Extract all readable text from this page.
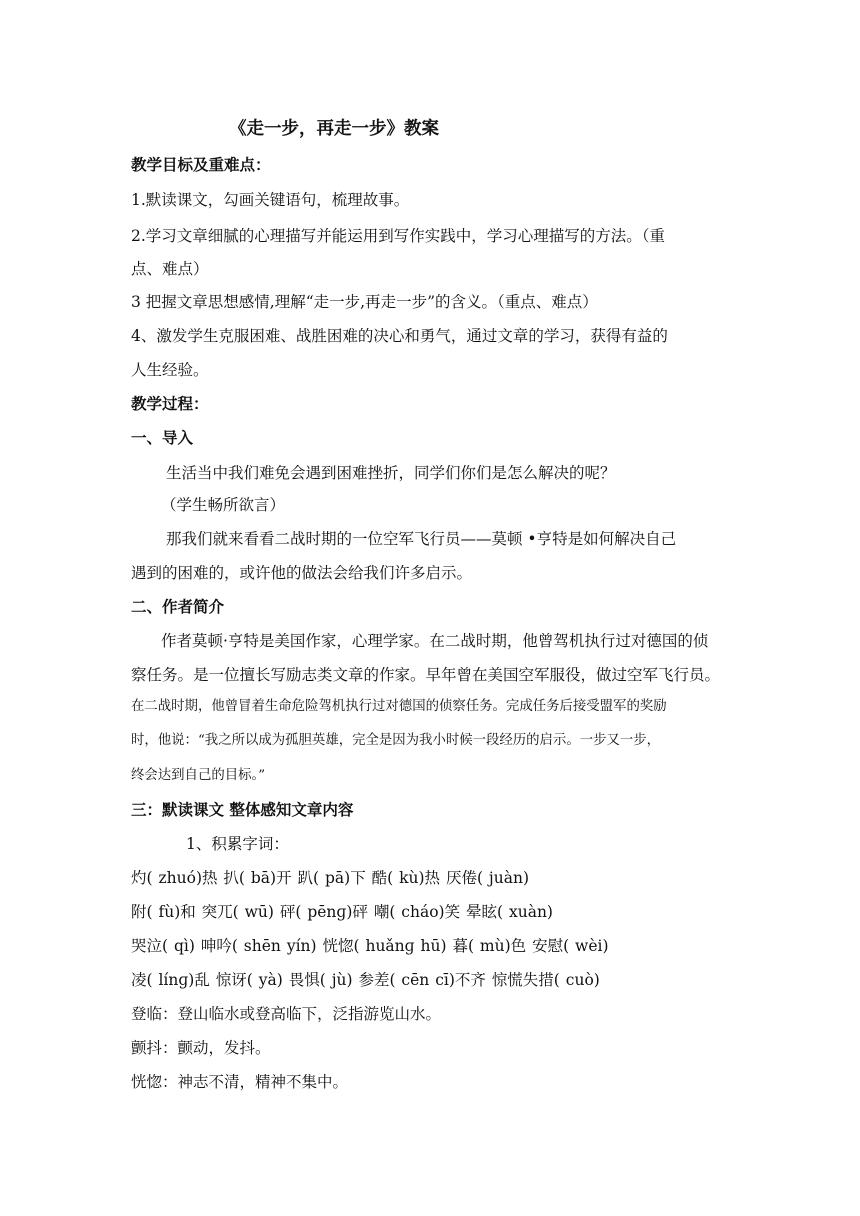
《走一步，再走一步》教案
教学目标及重难点：
1.默读课文，勾画关键语句，梳理故事。
2.学习文章细腻的心理描写并能运用到写作实践中，学习心理描写的方法。（重
点、难点）
3 把握文章思想感情,理解“走一步,再走一步”的含义。（重点、难点）
4、激发学生克服困难、战胜困难的决心和勇气，通过文章的学习，获得有益的
人生经验。
教学过程：
一、导入
生活当中我们难免会遇到困难挫折，同学们你们是怎么解决的呢？
（学生畅所欲言）
那我们就来看看二战时期的一位空军飞行员——莫顿 •亨特是如何解决自己
遇到的困难的，或许他的做法会给我们许多启示。
二、作者简介
作者莫顿·亨特是美国作家，心理学家。在二战时期，他曾驾机执行过对德国的侦
察任务。是一位擅长写励志类文章的作家。早年曾在美国空军服役，做过空军飞行员。
在二战时期，他曾冒着生命危险驾机执行过对德国的侦察任务。完成任务后接受盟军的奖励
时，他说：“我之所以成为孤胆英雄，完全是因为我小时候一段经历的启示。一步又一步，
终会达到自己的目标。”
三：默读课文 整体感知文章内容
1、积累字词：
灼( zhuó)热 扒( bā)开 趴( pā)下 酷( kù)热 厌倦( juàn)
附( fù)和 突兀( wū) 砰( pēnɡ)砰 嘲( cháo)笑 晕眩( xuàn)
哭泣( qì) 呻吟( shēn yín) 恍惚( huǎnɡ hū) 暮( mù)色 安慰( wèi)
凌( línɡ)乱 惊讶( yà) 畏惧( jù) 参差( cēn cī)不齐 惊慌失措( cuò)
登临：登山临水或登高临下，泛指游览山水。
颤抖：颤动，发抖。
恍惚：神志不清，精神不集中。
